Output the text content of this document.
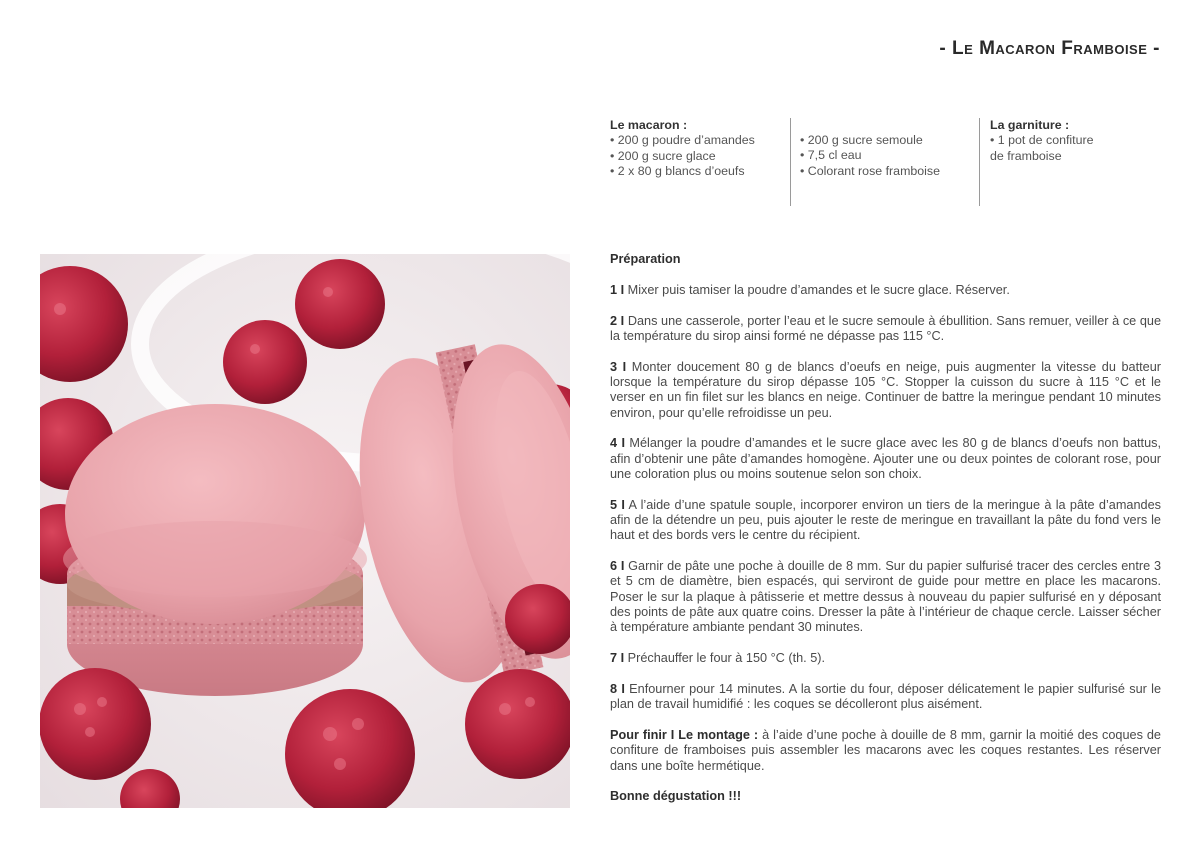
- Le Macaron Framboise -
Le macaron :
• 200 g poudre d’amandes
• 200 g sucre glace
• 2 x 80 g blancs d’oeufs
• 200 g sucre semoule
• 7,5 cl eau
• Colorant rose framboise
La garniture :
• 1 pot de confiture
de framboise

Préparation

1 I Mixer puis tamiser la poudre d’amandes et le sucre glace. Réserver.

2 I Dans une casserole, porter l’eau et le sucre semoule à ébullition. Sans remuer, veiller à ce que la température du sirop ainsi formé ne dépasse pas 115 °C.

3 I Monter doucement 80 g de blancs d’oeufs en neige, puis augmenter la vitesse du batteur lorsque la température du sirop dépasse 105 °C. Stopper la cuisson du sucre à 115 °C et le verser en un fin filet sur les blancs en neige. Continuer de battre la meringue pendant 10 minutes environ, pour qu’elle refroidisse un peu.

4 I Mélanger la poudre d’amandes et le sucre glace avec les 80 g de blancs d’oeufs non battus, afin d’obtenir une pâte d’amandes homogène. Ajouter une ou deux pointes de colorant rose, pour une coloration plus ou moins soutenue selon son choix.

5 I A l’aide d’une spatule souple, incorporer environ un tiers de la meringue à la pâte d’amandes afin de la détendre un peu, puis ajouter le reste de meringue en travaillant la pâte du fond vers le haut et des bords vers le centre du récipient.

6 I Garnir de pâte une poche à douille de 8 mm. Sur du papier sulfurisé tracer des cercles entre 3 et 5 cm de diamètre, bien espacés, qui serviront de guide pour mettre en place les macarons. Poser le sur la plaque à pâtisserie et mettre dessus à nouveau du papier sulfurisé en y déposant des points de pâte aux quatre coins. Dresser la pâte à l’intérieur de chaque cercle. Laisser sécher à température ambiante pendant 30 minutes.

7 I Préchauffer le four à 150 °C (th. 5).

8 I Enfourner pour 14 minutes. A la sortie du four, déposer délicatement le papier sulfurisé sur le plan de travail humidifié : les coques se décolleront plus aisément.

Pour finir I Le montage : à l’aide d’une poche à douille de 8 mm, garnir la moitié des coques de confiture de framboises puis assembler les macarons avec les coques restantes. Les réserver dans une boîte hermétique.

Bonne dégustation !!!
